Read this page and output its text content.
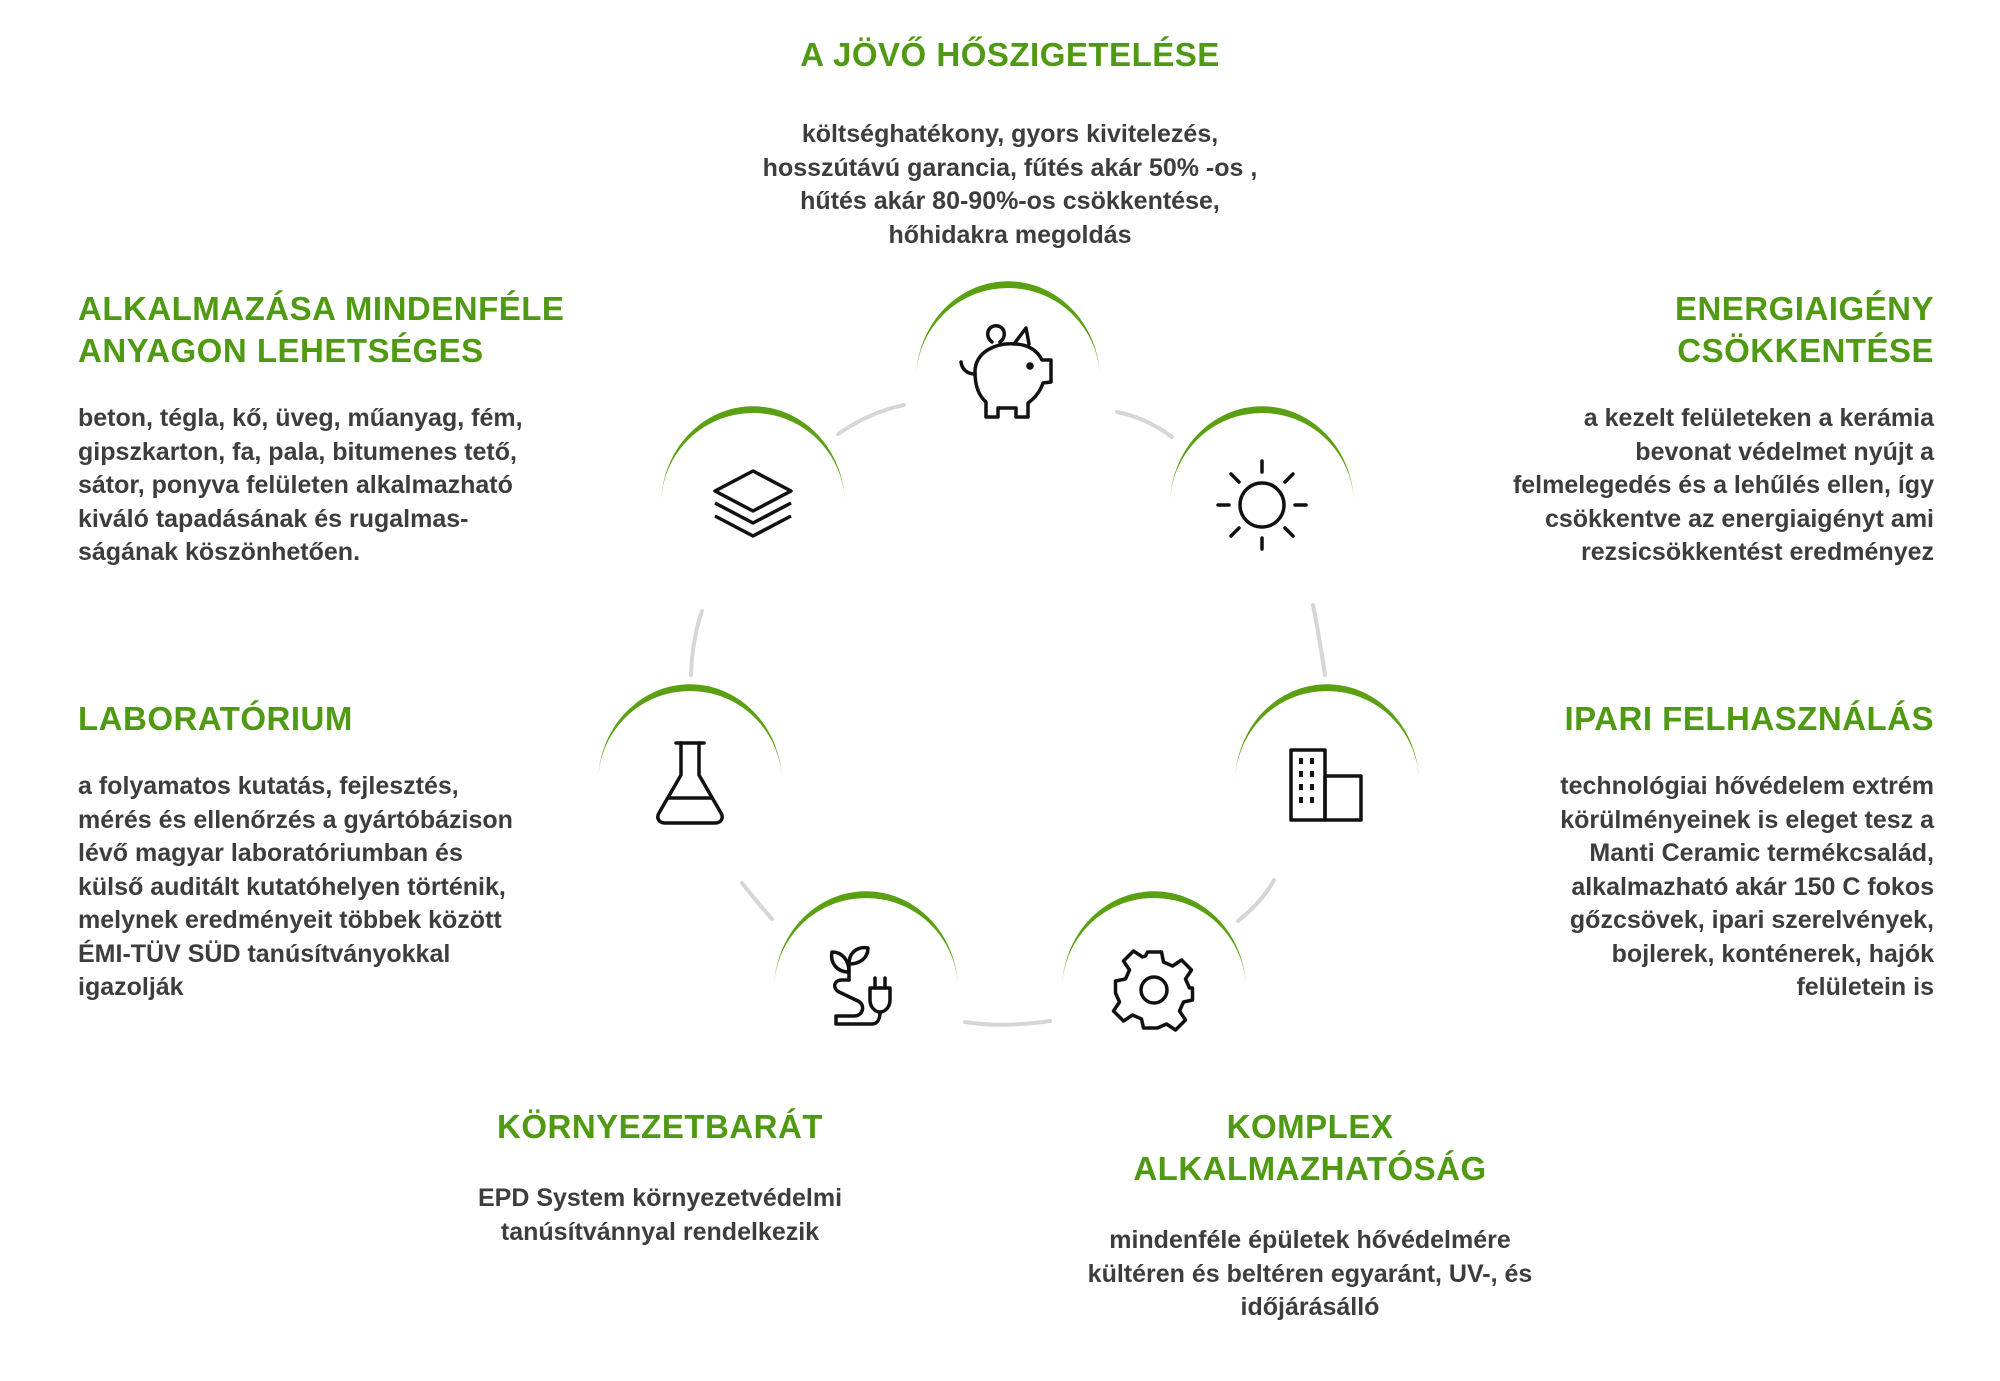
A JÖVŐ HŐSZIGETELÉSE
költséghatékony, gyors kivitelezés,
hosszútávú garancia, fűtés akár 50% -os ,
hűtés akár 80-90%-os csökkentése,
hőhidakra megoldás
ENERGIAIGÉNY
CSÖKKENTÉSE
a kezelt felületeken a kerámia
bevonat védelmet nyújt a
felmelegedés és a lehűlés ellen, így
csökkentve az energiaigényt ami
rezsicsökkentést eredményez
IPARI FELHASZNÁLÁS
technológiai hővédelem extrém
körülményeinek is eleget tesz a
Manti Ceramic termékcsalád,
alkalmazható akár 150 C fokos
gőzcsövek, ipari szerelvények,
bojlerek, konténerek, hajók
felületein is
KOMPLEX
ALKALMAZHATÓSÁG
mindenféle épületek hővédelmére
kültéren és beltéren egyaránt, UV-, és
időjárásálló
KÖRNYEZETBARÁT
EPD System környezetvédelmi
tanúsítvánnyal rendelkezik
LABORATÓRIUM
a folyamatos kutatás, fejlesztés,
mérés és ellenőrzés a gyártóbázison
lévő magyar laboratóriumban és
külső auditált kutatóhelyen történik,
melynek eredményeit többek között
ÉMI-TÜV SÜD tanúsítványokkal
igazolják
ALKALMAZÁSA MINDENFÉLE
ANYAGON LEHETSÉGES
beton, tégla, kő, üveg, műanyag, fém,
gipszkarton, fa, pala, bitumenes tető,
sátor, ponyva felületen alkalmazható
kiváló tapadásának és rugalmas-
ságának köszönhetően.
